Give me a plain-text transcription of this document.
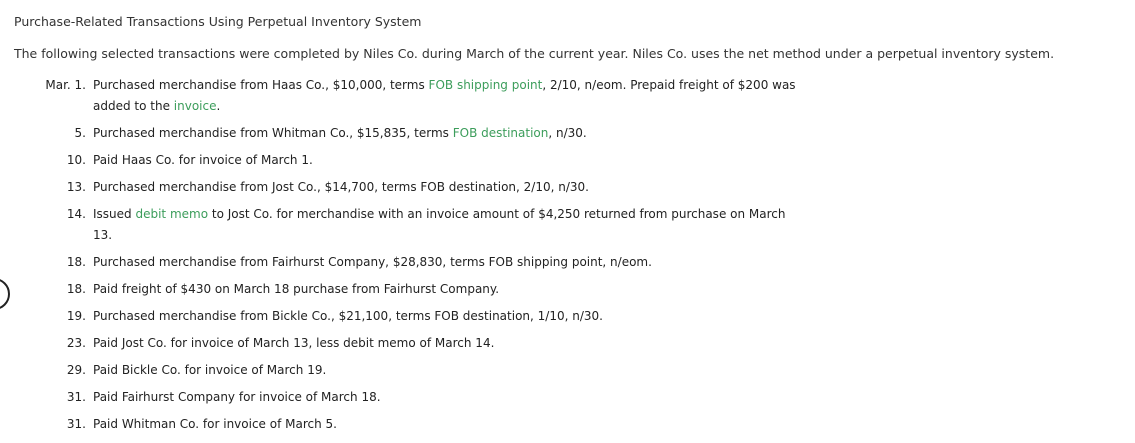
Purchase-Related Transactions Using Perpetual Inventory System
The following selected transactions were completed by Niles Co. during March of the current year. Niles Co. uses the net method under a perpetual inventory system.
Mar. 1. Purchased merchandise from Haas Co., $10,000, terms FOB shipping point, 2/10, n/eom. Prepaid freight of $200 was added to the invoice.
5. Purchased merchandise from Whitman Co., $15,835, terms FOB destination, n/30.
10. Paid Haas Co. for invoice of March 1.
13. Purchased merchandise from Jost Co., $14,700, terms FOB destination, 2/10, n/30.
14. Issued debit memo to Jost Co. for merchandise with an invoice amount of $4,250 returned from purchase on March 13.
18. Purchased merchandise from Fairhurst Company, $28,830, terms FOB shipping point, n/eom.
18. Paid freight of $430 on March 18 purchase from Fairhurst Company.
19. Purchased merchandise from Bickle Co., $21,100, terms FOB destination, 1/10, n/30.
23. Paid Jost Co. for invoice of March 13, less debit memo of March 14.
29. Paid Bickle Co. for invoice of March 19.
31. Paid Fairhurst Company for invoice of March 18.
31. Paid Whitman Co. for invoice of March 5.
